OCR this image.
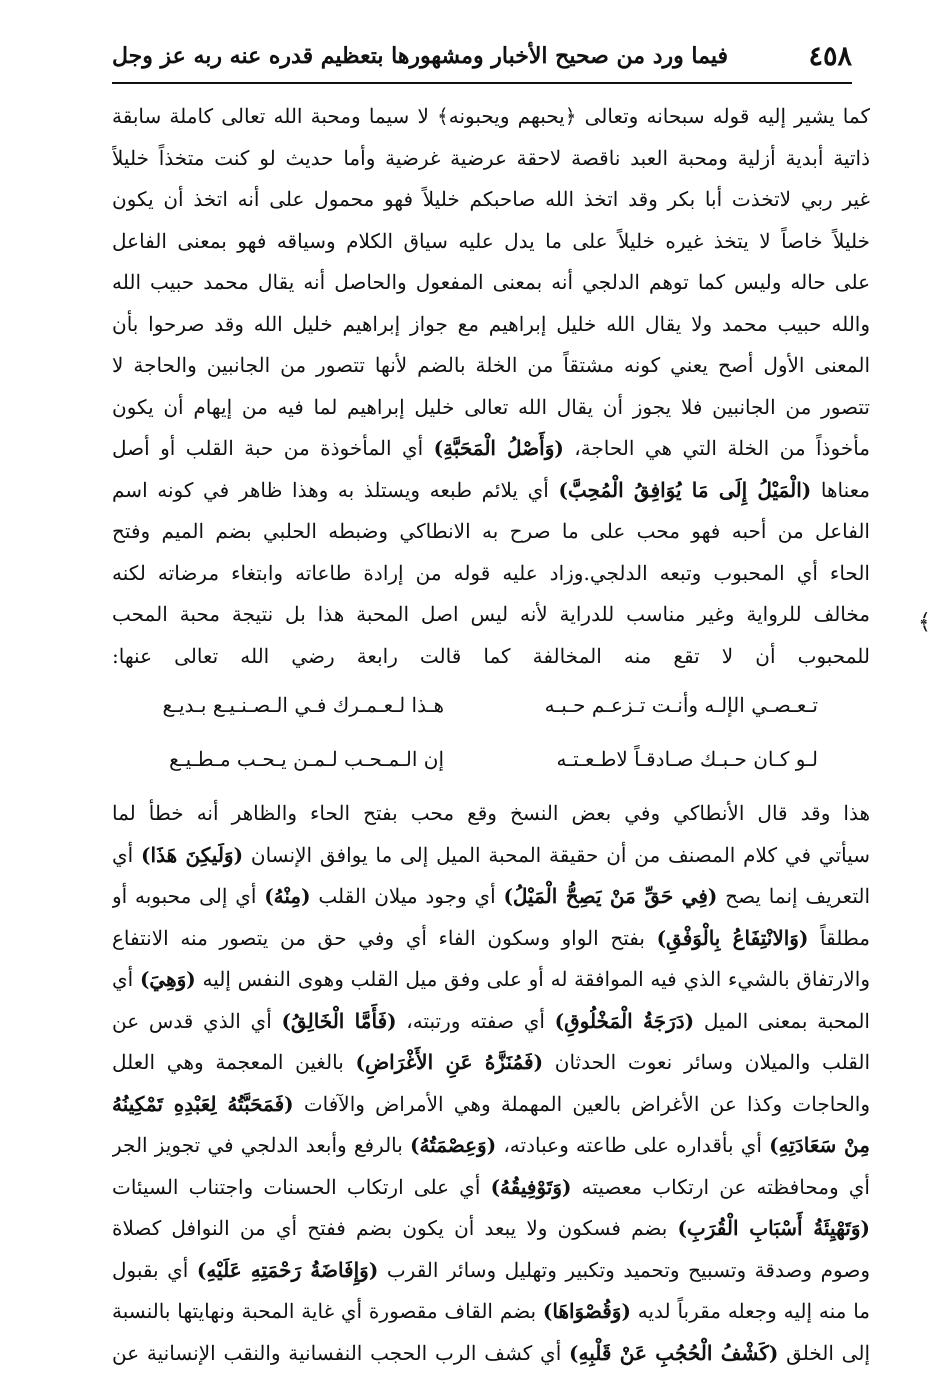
٤٥٨
فيما ورد من صحيح الأخبار ومشهورها بتعظيم قدره عنه ربه عز وجل
كما يشير إليه قوله سبحانه وتعالى ﴿يحبهم ويحبونه﴾ لا سيما ومحبة الله تعالى كاملة سابقة
ذاتية أبدية أزلية ومحبة العبد ناقصة لاحقة عرضية غرضية وأما حديث لو كنت متخذاً خليلاً
غير ربي لاتخذت أبا بكر وقد اتخذ الله صاحبكم خليلاً فهو محمول على أنه اتخذ أن يكون
خليلاً خاصاً لا يتخذ غيره خليلاً على ما يدل عليه سياق الكلام وسياقه فهو بمعنى الفاعل
على حاله وليس كما توهم الدلجي أنه بمعنى المفعول والحاصل أنه يقال محمد حبيب الله
والله حبيب محمد ولا يقال الله خليل إبراهيم مع جواز إبراهيم خليل الله وقد صرحوا بأن
المعنى الأول أصح يعني كونه مشتقاً من الخلة بالضم لأنها تتصور من الجانبين والحاجة لا
تتصور من الجانبين فلا يجوز أن يقال الله تعالى خليل إبراهيم لما فيه من إيهام أن يكون
مأخوذاً من الخلة التي هي الحاجة، (وَأَصْلُ الْمَحَبَّةِ) أي المأخوذة من حبة القلب أو أصل
معناها (الْمَيْلُ إِلَى مَا يُوَافِقُ الْمُحِبَّ) أي يلائم طبعه ويستلذ به وهذا ظاهر في كونه اسم
الفاعل من أحبه فهو محب على ما صرح به الانطاكي وضبطه الحلبي بضم الميم وفتح
الحاء أي المحبوب وتبعه الدلجي.وزاد عليه قوله من إرادة طاعاته وابتغاء مرضاته لكنه
مخالف للرواية وغير مناسب للدراية لأنه ليس اصل المحبة هذا بل نتيجة محبة المحب
للمحبوب أن لا تقع منه المخالفة كما قالت رابعة رضي الله تعالى عنها:
تـعـصـي الإلـه وأنـت تـزعـم حـبـه
هـذا لـعـمـرك فـي الـصـنـيـع بـديـع
لـو كـان حـبـك صـادقـاً لاطـعـتـه
إن الـمـحـب لـمـن يـحـب مـطـيـع
هذا وقد قال الأنطاكي وفي بعض النسخ وقع محب بفتح الحاء والظاهر أنه خطأ لما
سيأتي في كلام المصنف من أن حقيقة المحبة الميل إلى ما يوافق الإنسان (وَلَيكِنَ هَذَا) أي
التعريف إنما يصح (فِي حَقِّ مَنْ يَصِحُّ الْمَيْلُ) أي وجود ميلان القلب (مِنْهُ) أي إلى محبوبه أو
مطلقاً (وَالانْتِفَاعُ بِالْوَفْقِ) بفتح الواو وسكون الفاء أي وفي حق من يتصور منه الانتفاع
والارتفاق بالشيء الذي فيه الموافقة له أو على وفق ميل القلب وهوى النفس إليه (وَهِيَ) أي
المحبة بمعنى الميل (دَرَجَةُ الْمَخْلُوقِ) أي صفته ورتبته، (فَأَمَّا الْخَالِقُ) أي الذي قدس عن
القلب والميلان وسائر نعوت الحدثان (فَمُنَزَّهُ عَنِ الأَغْرَاضِ) بالغين المعجمة وهي العلل
والحاجات وكذا عن الأغراض بالعين المهملة وهي الأمراض والآفات (فَمَحَبَّتُهُ لِعَبْدِهِ تَمْكِينُهُ
مِنْ سَعَادَتِهِ) أي بأقداره على طاعته وعبادته، (وَعِصْمَتُهُ) بالرفع وأبعد الدلجي في تجويز الجر
أي ومحافظته عن ارتكاب معصيته (وَتَوْفِيقُهُ) أي على ارتكاب الحسنات واجتناب السيئات
(وَتَهْيِئَةُ أَسْبَابِ الْقُرَبِ) بضم فسكون ولا يبعد أن يكون بضم ففتح أي من النوافل كصلاة
وصوم وصدقة وتسبيح وتحميد وتكبير وتهليل وسائر القرب (وَإِفَاضَةُ رَحْمَتِهِ عَلَيْهِ) أي بقبول
ما منه إليه وجعله مقرباً لديه (وَقُصْوَاهَا) بضم القاف مقصورة أي غاية المحبة ونهايتها بالنسبة
إلى الخلق (كَشْفُ الْحُجُبِ عَنْ قَلْبِهِ) أي كشف الرب الحجب النفسانية والنقب الإنسانية عن
﴾
